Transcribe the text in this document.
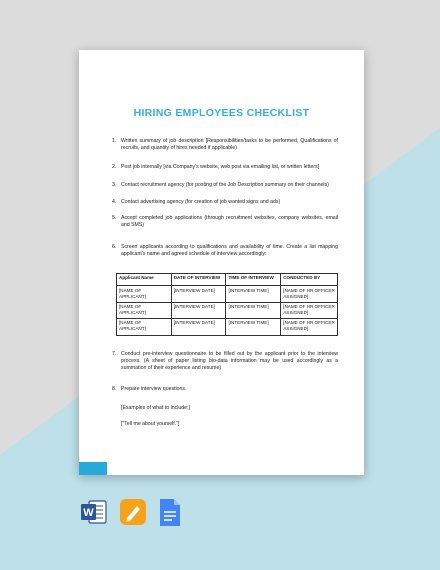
HIRING EMPLOYEES CHECKLIST
1. Written summary of job description [Responsibilities/tasks to be performed, Qualifications of recruits, and quantity of hires needed if applicable)
2. Post job internally [via Company's website, web post via emailing list, or written letters]
3. Contact recruitment agency (for posting of the Job Description summary on their channels)
4. Contact advertising agency (for creation of job wanted signs and ads)
5. Accept completed job applications (through recruitment websites, company websites, email and SMS)
6. Screen applicants according to qualifications and availability of time. Create a list mapping applicant's name and agreed schedule of interview accordingly:
7. Conduct pre-interview questionnaire to be filled out by the applicant prior to the interview process. (A sheet of paper listing bio-data information may be used accordingly as a summation of their experience and resume)
8. Prepare interview questions.
Applicant Name	DATE OF INTERVIEW	TIME OF INTERVIEW	CONDUCTED BY
[NAME OF APPLICANT]	[INTERVIEW DATE]	[INTERVIEW TIME]	[NAME OF HR OFFICER ASSIGNED]
[NAME OF APPLICANT]	[INTERVIEW DATE]	[INTERVIEW TIME]	[NAME OF HR OFFICER ASSIGNED]
[NAME OF APPLICANT]	[INTERVIEW DATE]	[INTERVIEW TIME]	[NAME OF HR OFFICER ASSIGNED]
[Examples of what to include:]
["Tell me about yourself."]
W
